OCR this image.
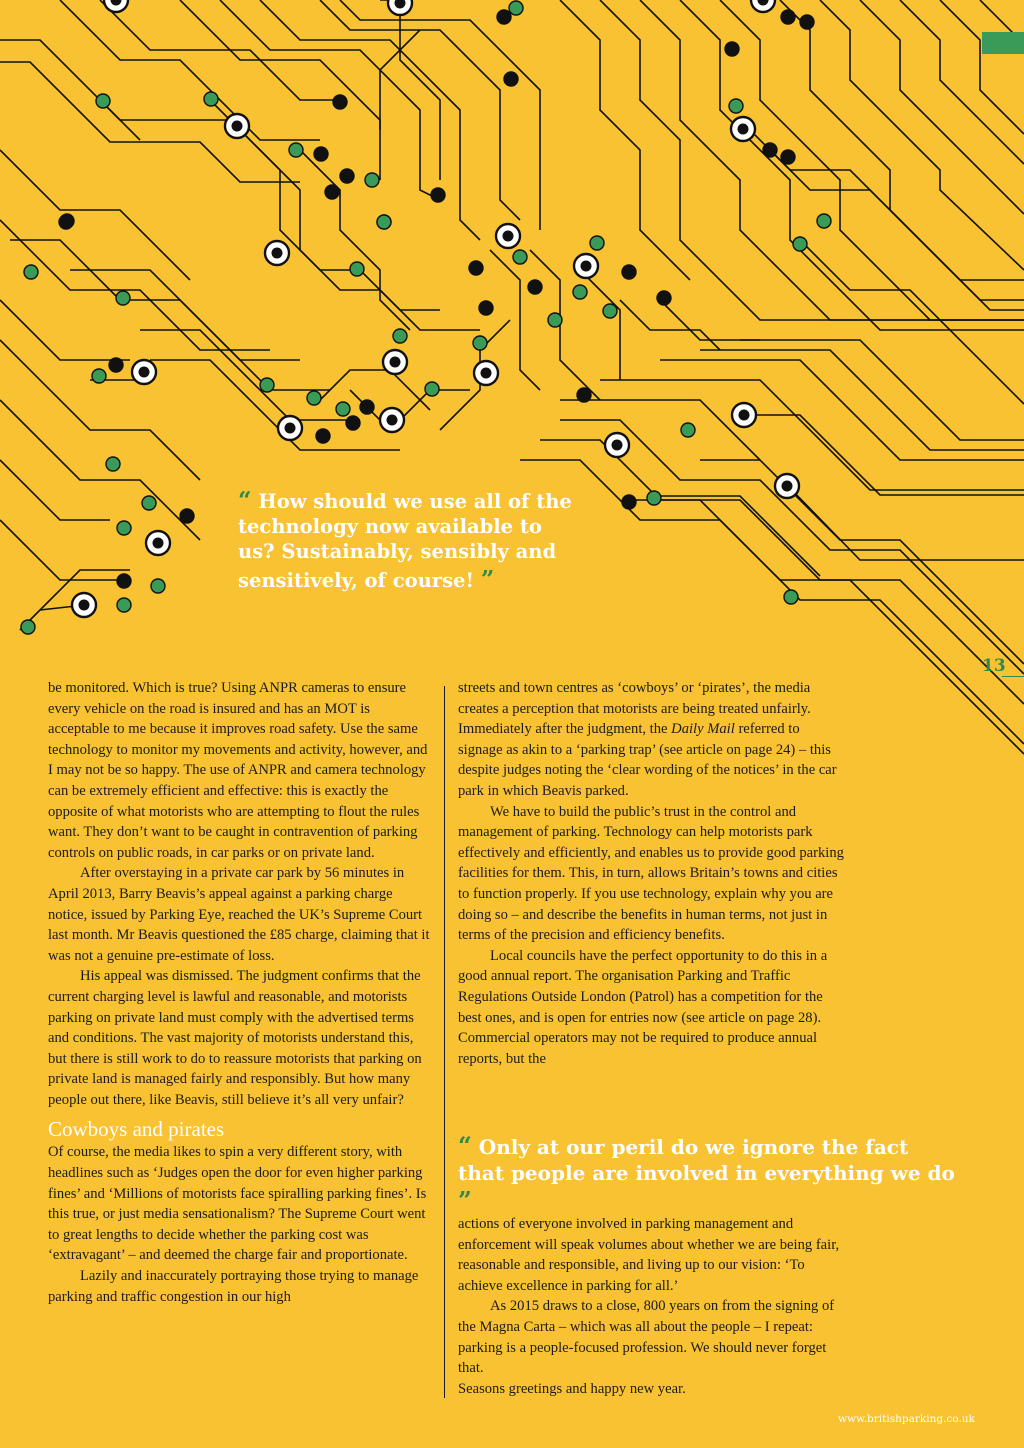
13
“ How should we use all of the technology now available to us? Sustainably, sensibly and sensitively, of course! ”

be monitored. Which is true? Using ANPR cameras to ensure every vehicle on the road is insured and has an MOT is acceptable to me because it improves road safety. Use the same technology to monitor my movements and activity, however, and I may not be so happy. The use of ANPR and camera technology can be extremely efficient and effective: this is exactly the opposite of what motorists who are attempting to flout the rules want. They don’t want to be caught in contravention of parking controls on public roads, in car parks or on private land.

After overstaying in a private car park by 56 minutes in April 2013, Barry Beavis’s appeal against a parking charge notice, issued by Parking Eye, reached the UK’s Supreme Court last month. Mr Beavis questioned the £85 charge, claiming that it was not a genuine pre-estimate of loss.

His appeal was dismissed. The judgment confirms that the current charging level is lawful and reasonable, and motorists parking on private land must comply with the advertised terms and conditions. The vast majority of motorists understand this, but there is still work to do to reassure motorists that parking on private land is managed fairly and responsibly. But how many people out there, like Beavis, still believe it’s all very unfair?

Cowboys and pirates

Of course, the media likes to spin a very different story, with headlines such as ‘Judges open the door for even higher parking fines’ and ‘Millions of motorists face spiralling parking fines’. Is this true, or just media sensationalism? The Supreme Court went to great lengths to decide whether the parking cost was ‘extravagant’ – and deemed the charge fair and proportionate.

Lazily and inaccurately portraying those trying to manage parking and traffic congestion in our high

streets and town centres as ‘cowboys’ or ‘pirates’, the media creates a perception that motorists are being treated unfairly. Immediately after the judgment, the Daily Mail referred to signage as akin to a ‘parking trap’ (see article on page 24) – this despite judges noting the ‘clear wording of the notices’ in the car park in which Beavis parked.

We have to build the public’s trust in the control and management of parking. Technology can help motorists park effectively and efficiently, and enables us to provide good parking facilities for them. This, in turn, allows Britain’s towns and cities to function properly. If you use technology, explain why you are doing so – and describe the benefits in human terms, not just in terms of the precision and efficiency benefits.

Local councils have the perfect opportunity to do this in a good annual report. The organisation Parking and Traffic Regulations Outside London (Patrol) has a competition for the best ones, and is open for entries now (see article on page 28). Commercial operators may not be required to produce annual reports, but the

“ Only at our peril do we ignore the fact that people are involved in everything we do ”

actions of everyone involved in parking management and enforcement will speak volumes about whether we are being fair, reasonable and responsible, and living up to our vision: ‘To achieve excellence in parking for all.’

As 2015 draws to a close, 800 years on from the signing of the Magna Carta – which was all about the people – I repeat: parking is a people-focused profession. We should never forget that.

Seasons greetings and happy new year.

www.britishparking.co.uk
